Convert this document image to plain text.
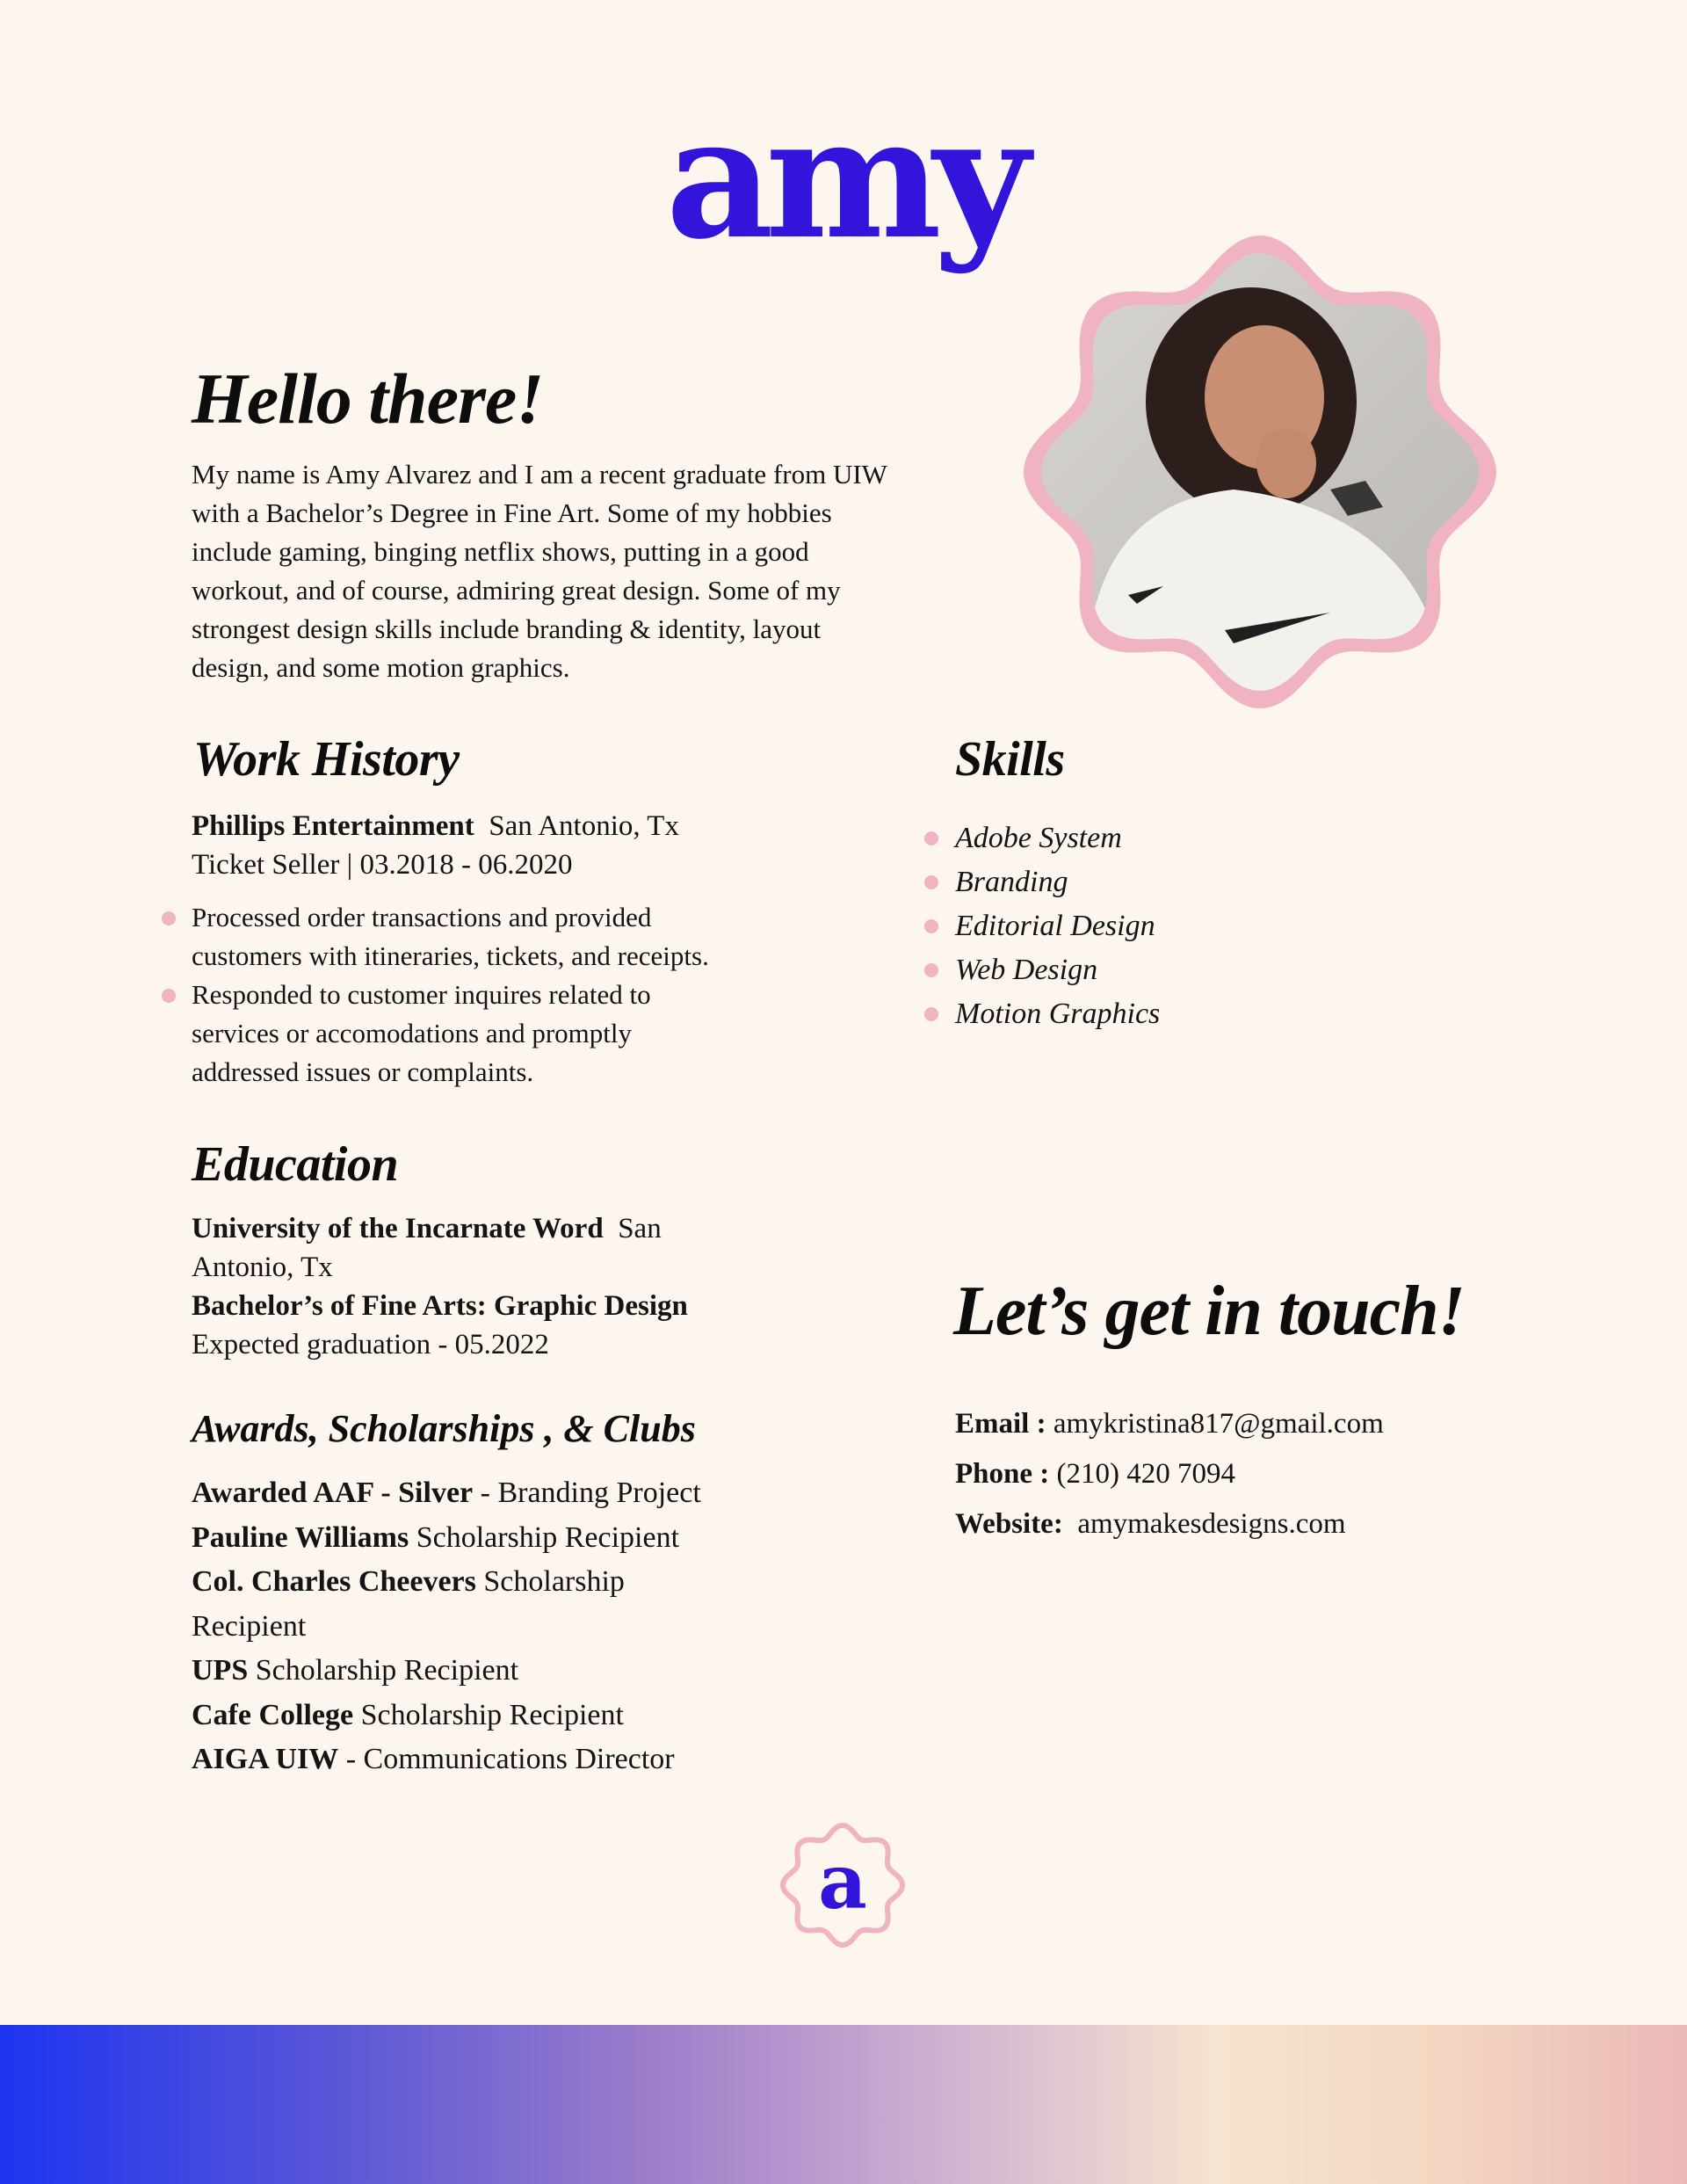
amy
Hello there!
My name is Amy Alvarez and I am a recent graduate from UIW
with a Bachelor’s Degree in Fine Art. Some of my hobbies
include gaming, binging netflix shows, putting in a good
workout, and of course, admiring great design. Some of my
strongest design skills include branding & identity, layout
design, and some motion graphics.
Work History
Phillips Entertainment San Antonio, Tx
Ticket Seller | 03.2018 - 06.2020
Processed order transactions and provided
customers with itineraries, tickets, and receipts.
Responded to customer inquires related to
services or accomodations and promptly
addressed issues or complaints.
Education
University of the Incarnate Word San
Antonio, Tx
Bachelor’s of Fine Arts: Graphic Design
Expected graduation - 05.2022
Awards, Scholarships , & Clubs
Awarded AAF - Silver - Branding Project
Pauline Williams Scholarship Recipient
Col. Charles Cheevers Scholarship
Recipient
UPS Scholarship Recipient
Cafe College Scholarship Recipient
AIGA UIW - Communications Director
Skills
Adobe System
Branding
Editorial Design
Web Design
Motion Graphics
Let’s get in touch!
Email : amykristina817@gmail.com
Phone : (210) 420 7094
Website: amymakesdesigns.com
a
